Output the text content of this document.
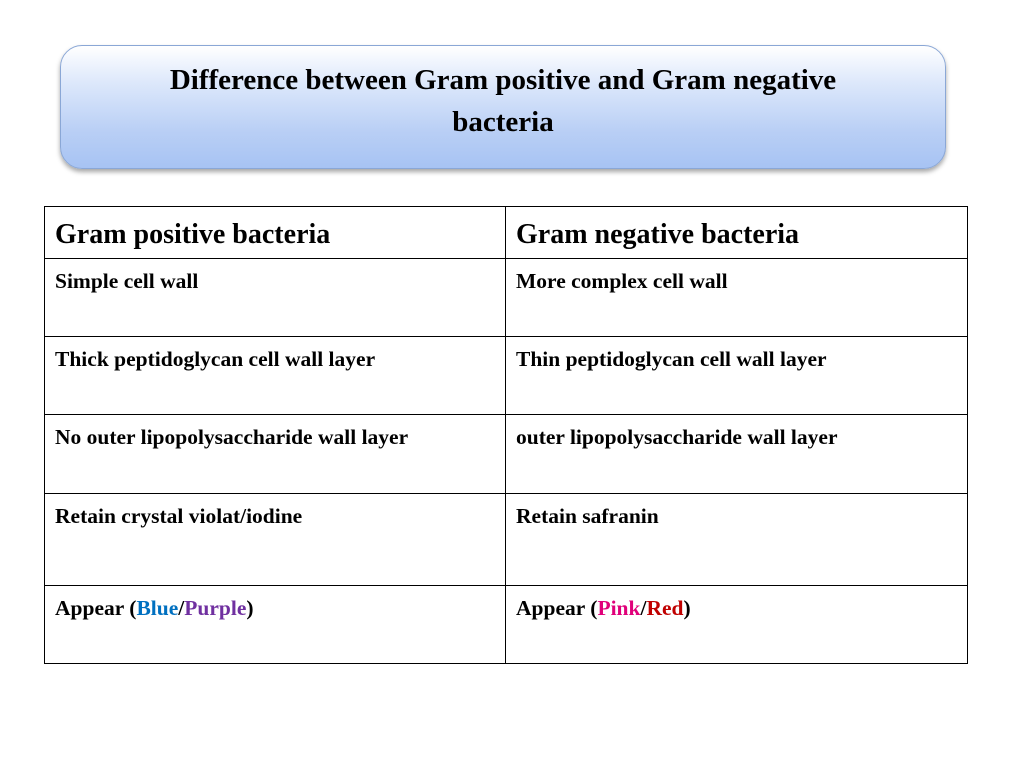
Difference between Gram positive and Gram negative
bacteria
Gram positive bacteria	Gram negative bacteria
Simple cell wall	More complex cell wall
Thick peptidoglycan cell wall layer	Thin peptidoglycan cell wall layer
No outer lipopolysaccharide wall layer	outer lipopolysaccharide wall layer
Retain crystal violat/iodine	Retain safranin
Appear (Blue/Purple)	Appear (Pink/Red)
